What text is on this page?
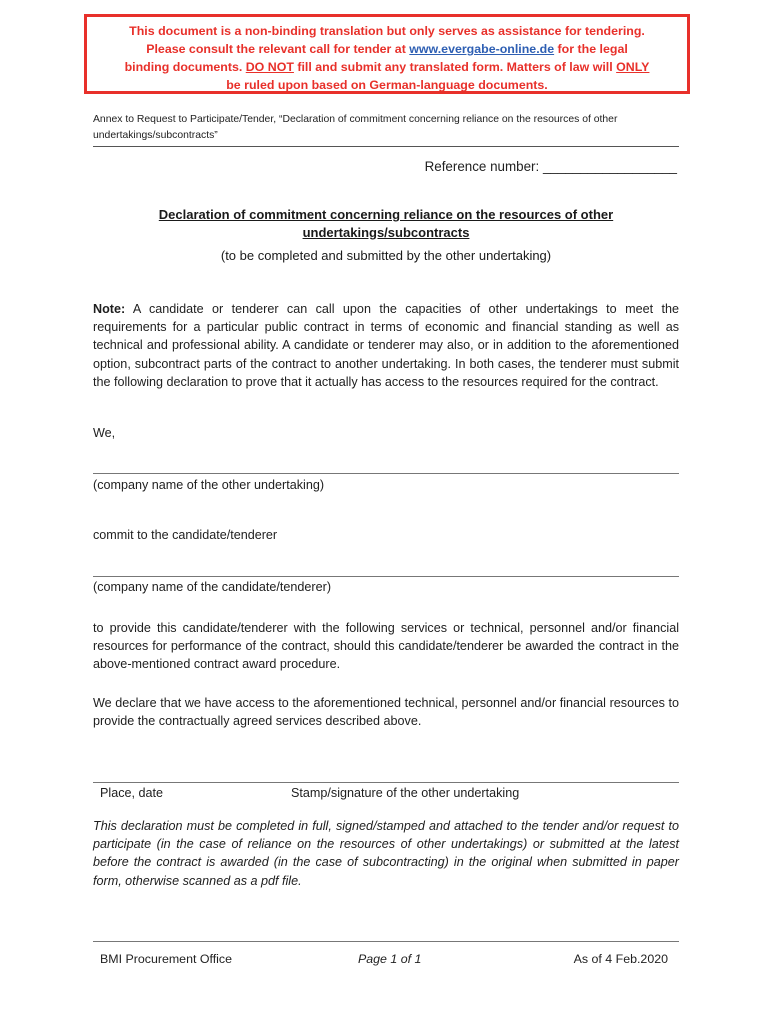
This document is a non-binding translation but only serves as assistance for tendering.
Please consult the relevant call for tender at www.evergabe-online.de for the legal
binding documents. DO NOT fill and submit any translated form. Matters of law will ONLY
be ruled upon based on German-language documents.
Annex to Request to Participate/Tender, “Declaration of commitment concerning reliance on the resources of other undertakings/subcontracts”
Reference number: __________________
Declaration of commitment concerning reliance on the resources of other undertakings/subcontracts
(to be completed and submitted by the other undertaking)
Note: A candidate or tenderer can call upon the capacities of other undertakings to meet the requirements for a particular public contract in terms of economic and financial standing as well as technical and professional ability. A candidate or tenderer may also, or in addition to the aforementioned option, subcontract parts of the contract to another undertaking. In both cases, the tenderer must submit the following declaration to prove that it actually has access to the resources required for the contract.
We,
(company name of the other undertaking)
commit to the candidate/tenderer
(company name of the candidate/tenderer)
to provide this candidate/tenderer with the following services or technical, personnel and/or financial resources for performance of the contract, should this candidate/tenderer be awarded the contract in the above-mentioned contract award procedure.
We declare that we have access to the aforementioned technical, personnel and/or financial resources to provide the contractually agreed services described above.
Place, date	Stamp/signature of the other undertaking
This declaration must be completed in full, signed/stamped and attached to the tender and/or request to participate (in the case of reliance on the resources of other undertakings) or submitted at the latest before the contract is awarded (in the case of subcontracting) in the original when submitted in paper form, otherwise scanned as a pdf file.
BMI Procurement Office	Page 1 of 1	As of 4 Feb.2020
